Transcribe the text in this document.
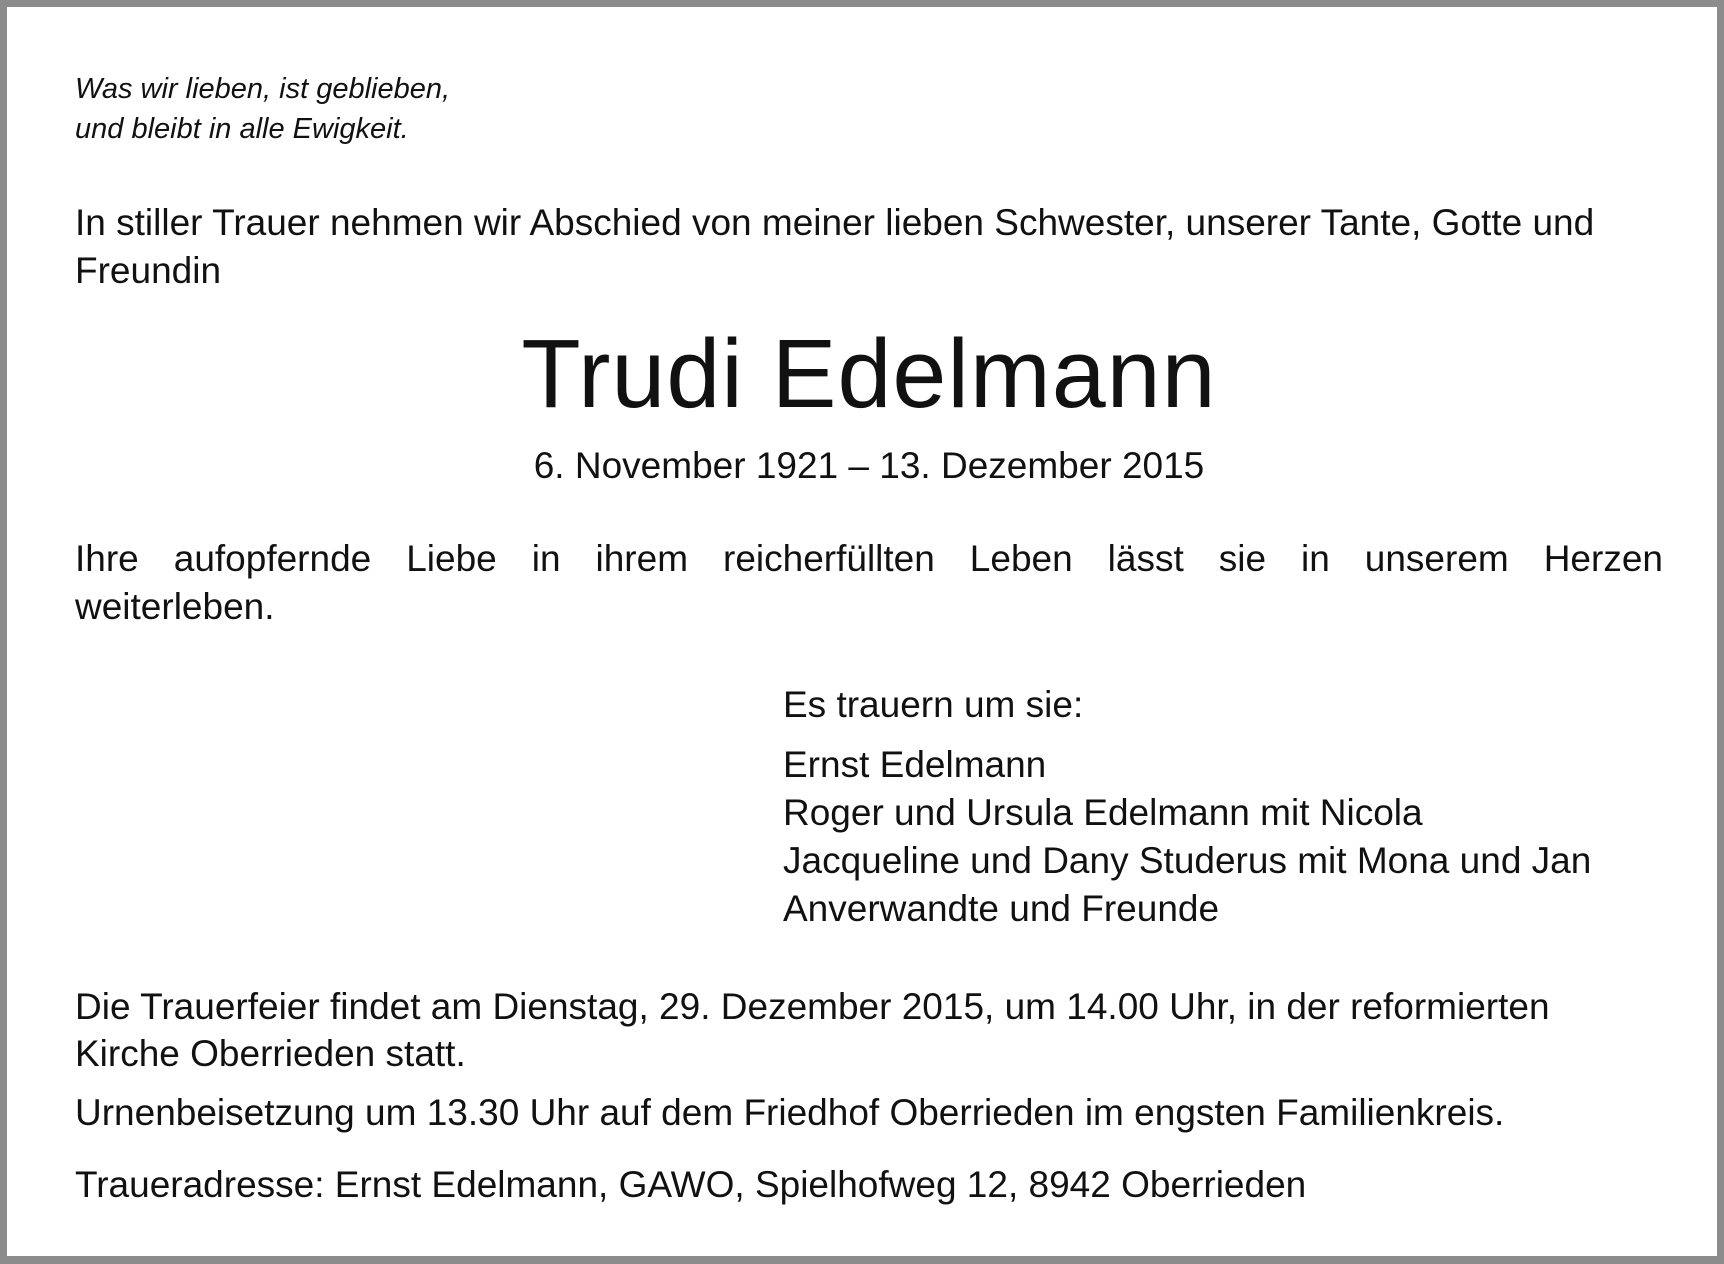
Was wir lieben, ist geblieben,
und bleibt in alle Ewigkeit.

In stiller Trauer nehmen wir Abschied von meiner lieben Schwester, unserer Tante, Gotte und Freundin

Trudi Edelmann

6. November 1921 – 13. Dezember 2015

Ihre aufopfernde Liebe in ihrem reicherfüllten Leben lässt sie in unserem Herzen weiterleben.

Es trauern um sie:
Ernst Edelmann
Roger und Ursula Edelmann mit Nicola
Jacqueline und Dany Studerus mit Mona und Jan
Anverwandte und Freunde

Die Trauerfeier findet am Dienstag, 29. Dezember 2015, um 14.00 Uhr, in der reformierten Kirche Oberrieden statt.

Urnenbeisetzung um 13.30 Uhr auf dem Friedhof Oberrieden im engsten Familienkreis.

Traueradresse: Ernst Edelmann, GAWO, Spielhofweg 12, 8942 Oberrieden
